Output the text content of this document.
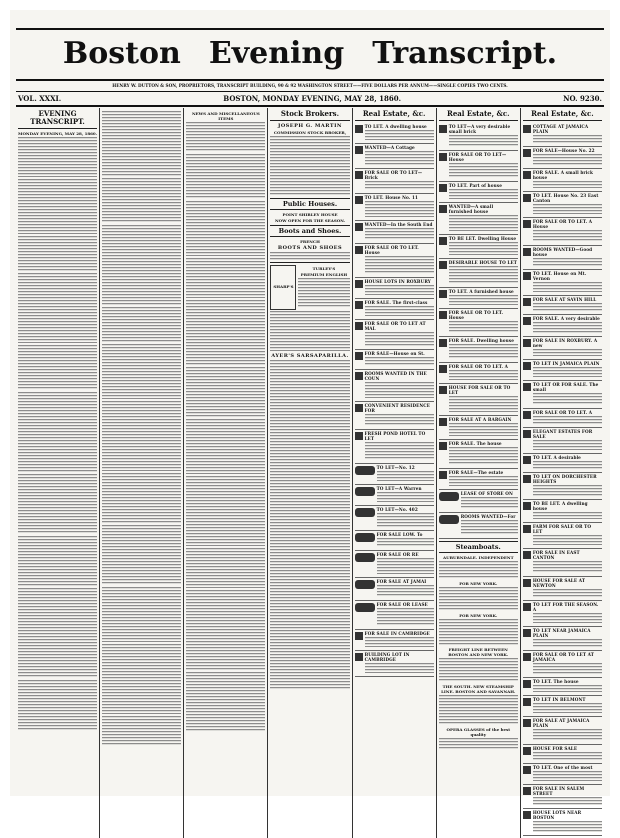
Boston Evening Transcript.
HENRY W. DUTTON & SON, PROPRIETORS, TRANSCRIPT BUILDING, 90 & 92 WASHINGTON STREET——FIVE DOLLARS PER ANNUM——SINGLE COPIES TWO CENTS.
VOL. XXXI.	BOSTON, MONDAY EVENING, MAY 28, 1860.	NO. 9230.
EVENING TRANSCRIPT.
MONDAY EVENING, MAY 28, 1860.
NEWS AND MISCELLANEOUS ITEMS
Stock Brokers.
JOSEPH G. MARTIN
COMMISSION STOCK BROKER,
Public Houses.
POINT SHIRLEY HOUSE
NOW OPEN FOR THE SEASON.
Boots and Shoes.
FRENCH
BOOTS AND SHOES
SHARP'S
TURLEY'S
PREMIUM ENGLISH
AYER'S SARSAPARILLA.
Real Estate, &c.
TO LET. A dwelling house
WANTED—A Cottage
FOR SALE OR TO LET—Brick
TO LET. House No. 11
WANTED—In the South End
FOR SALE OR TO LET. House
HOUSE LOTS IN ROXBURY
FOR SALE. The first-class
FOR SALE OR TO LET AT MAL
FOR SALE—House on St.
ROOMS WANTED IN THE COUN
CONVENIENT RESIDENCE FOR
FRESH POND HOTEL TO LET
TO LET—No. 12
TO LET—A Warren
TO LET—No. 402
FOR SALE LOW. To
FOR SALE OR RE
FOR SALE AT JAMAI
FOR SALE OR LEASE
FOR SALE IN CAMBRIDGE
BUILDING LOT IN CAMBRIDGE
Real Estate, &c.
TO LET—A very desirable small brick
FOR SALE OR TO LET—House
TO LET. Part of house
WANTED—A small furnished house
TO BE LET. Dwelling House
DESIRABLE HOUSE TO LET
TO LET. A furnished house
FOR SALE OR TO LET. House
FOR SALE. Dwelling house
FOR SALE OR TO LET. A
HOUSE FOR SALE OR TO LET
FOR SALE AT A BARGAIN
FOR SALE. The house
FOR SALE—The estate
LEASE OF STORE ON
ROOMS WANTED—For
Steamboats.
AUBURNDALE. INDEPENDENT
FOR NEW YORK.
FOR NEW YORK.
FREIGHT LINE BETWEEN BOSTON AND NEW YORK.
THE SOUTH. NEW STEAMSHIP LINE. BOSTON AND SAVANNAH.
OPERA GLASSES of the best quality
Real Estate, &c.
COTTAGE AT JAMAICA PLAIN
FOR SALE—House No. 22
FOR SALE. A small brick house
TO LET. House No. 23 East Canton
FOR SALE OR TO LET. A House
ROOMS WANTED—Good house
TO LET. House on Mt. Vernon
FOR SALE AT SAVIN HILL
FOR SALE. A very desirable
FOR SALE IN ROXBURY. A new
TO LET IN JAMAICA PLAIN
TO LET OR FOR SALE. The small
FOR SALE OR TO LET. A
ELEGANT ESTATES FOR SALE
TO LET. A desirable
TO LET ON DORCHESTER HEIGHTS
TO BE LET. A dwelling house
FARM FOR SALE OR TO LET
FOR SALE IN EAST CANTON
HOUSE FOR SALE AT NEWTON
TO LET FOR THE SEASON. A
TO LET NEAR JAMAICA PLAIN
FOR SALE OR TO LET AT JAMAICA
TO LET. The house
TO LET IN BELMONT
FOR SALE AT JAMAICA PLAIN
HOUSE FOR SALE
TO LET. One of the most
FOR SALE IN SALEM STREET
HOUSE LOTS NEAR BOSTON
